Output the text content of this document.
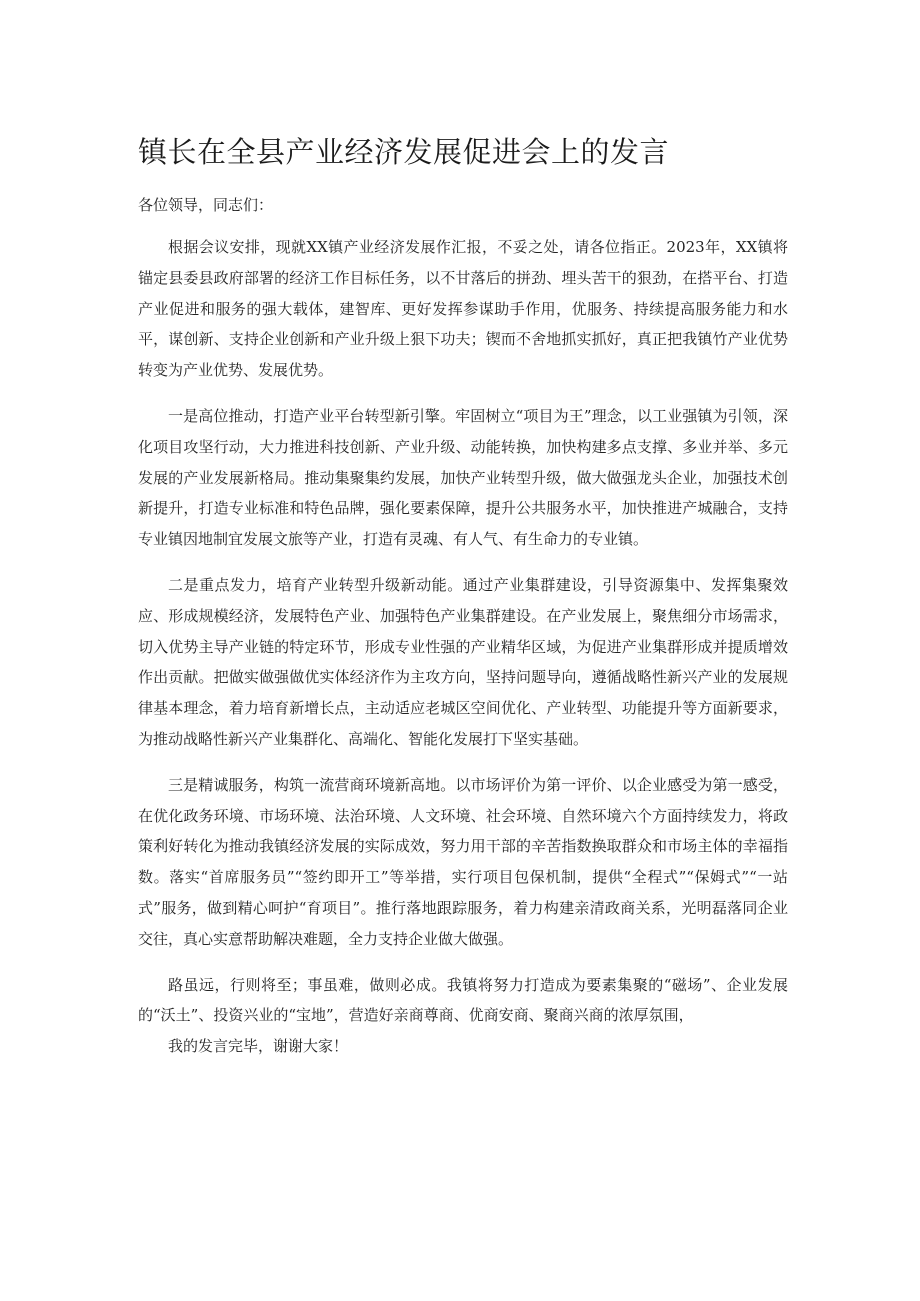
镇长在全县产业经济发展促进会上的发言

各位领导，同志们：

根据会议安排，现就XX镇产业经济发展作汇报，不妥之处，请各位指正。2023年，XX镇将锚定县委县政府部署的经济工作目标任务，以不甘落后的拼劲、埋头苦干的狠劲，在搭平台、打造产业促进和服务的强大载体，建智库、更好发挥参谋助手作用，优服务、持续提高服务能力和水平，谋创新、支持企业创新和产业升级上狠下功夫；锲而不舍地抓实抓好，真正把我镇竹产业优势转变为产业优势、发展优势。

一是高位推动，打造产业平台转型新引擎。牢固树立“项目为王”理念，以工业强镇为引领，深化项目攻坚行动，大力推进科技创新、产业升级、动能转换，加快构建多点支撑、多业并举、多元发展的产业发展新格局。推动集聚集约发展，加快产业转型升级，做大做强龙头企业，加强技术创新提升，打造专业标准和特色品牌，强化要素保障，提升公共服务水平，加快推进产城融合，支持专业镇因地制宜发展文旅等产业，打造有灵魂、有人气、有生命力的专业镇。

二是重点发力，培育产业转型升级新动能。通过产业集群建设，引导资源集中、发挥集聚效应、形成规模经济，发展特色产业、加强特色产业集群建设。在产业发展上，聚焦细分市场需求，切入优势主导产业链的特定环节，形成专业性强的产业精华区域，为促进产业集群形成并提质增效作出贡献。把做实做强做优实体经济作为主攻方向，坚持问题导向，遵循战略性新兴产业的发展规律基本理念，着力培育新增长点，主动适应老城区空间优化、产业转型、功能提升等方面新要求，为推动战略性新兴产业集群化、高端化、智能化发展打下坚实基础。

三是精诚服务，构筑一流营商环境新高地。以市场评价为第一评价、以企业感受为第一感受，在优化政务环境、市场环境、法治环境、人文环境、社会环境、自然环境六个方面持续发力，将政策利好转化为推动我镇经济发展的实际成效，努力用干部的辛苦指数换取群众和市场主体的幸福指数。落实“首席服务员”“签约即开工”等举措，实行项目包保机制，提供“全程式”“保姆式”“一站式”服务，做到精心呵护“育项目”。推行落地跟踪服务，着力构建亲清政商关系，光明磊落同企业交往，真心实意帮助解决难题，全力支持企业做大做强。

路虽远，行则将至；事虽难，做则必成。我镇将努力打造成为要素集聚的“磁场”、企业发展的“沃土”、投资兴业的“宝地”，营造好亲商尊商、优商安商、聚商兴商的浓厚氛围，

我的发言完毕，谢谢大家！
